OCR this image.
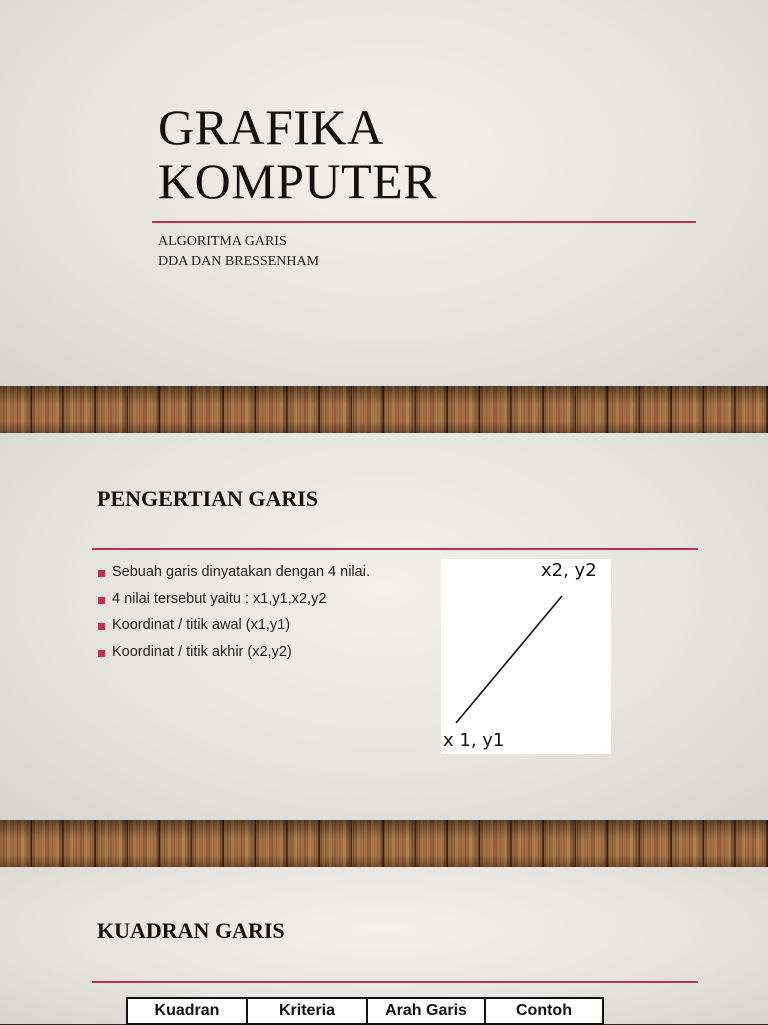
GRAFIKA
KOMPUTER
ALGORITMA GARIS
DDA DAN BRESSENHAM
PENGERTIAN GARIS
Sebuah garis dinyatakan dengan 4 nilai.
4 nilai tersebut yaitu : x1,y1,x2,y2
Koordinat / titik awal (x1,y1)
Koordinat / titik akhir (x2,y2)
x2, y2
x 1, y1
KUADRAN GARIS
Kuadran	Kriteria	Arah Garis	Contoh
